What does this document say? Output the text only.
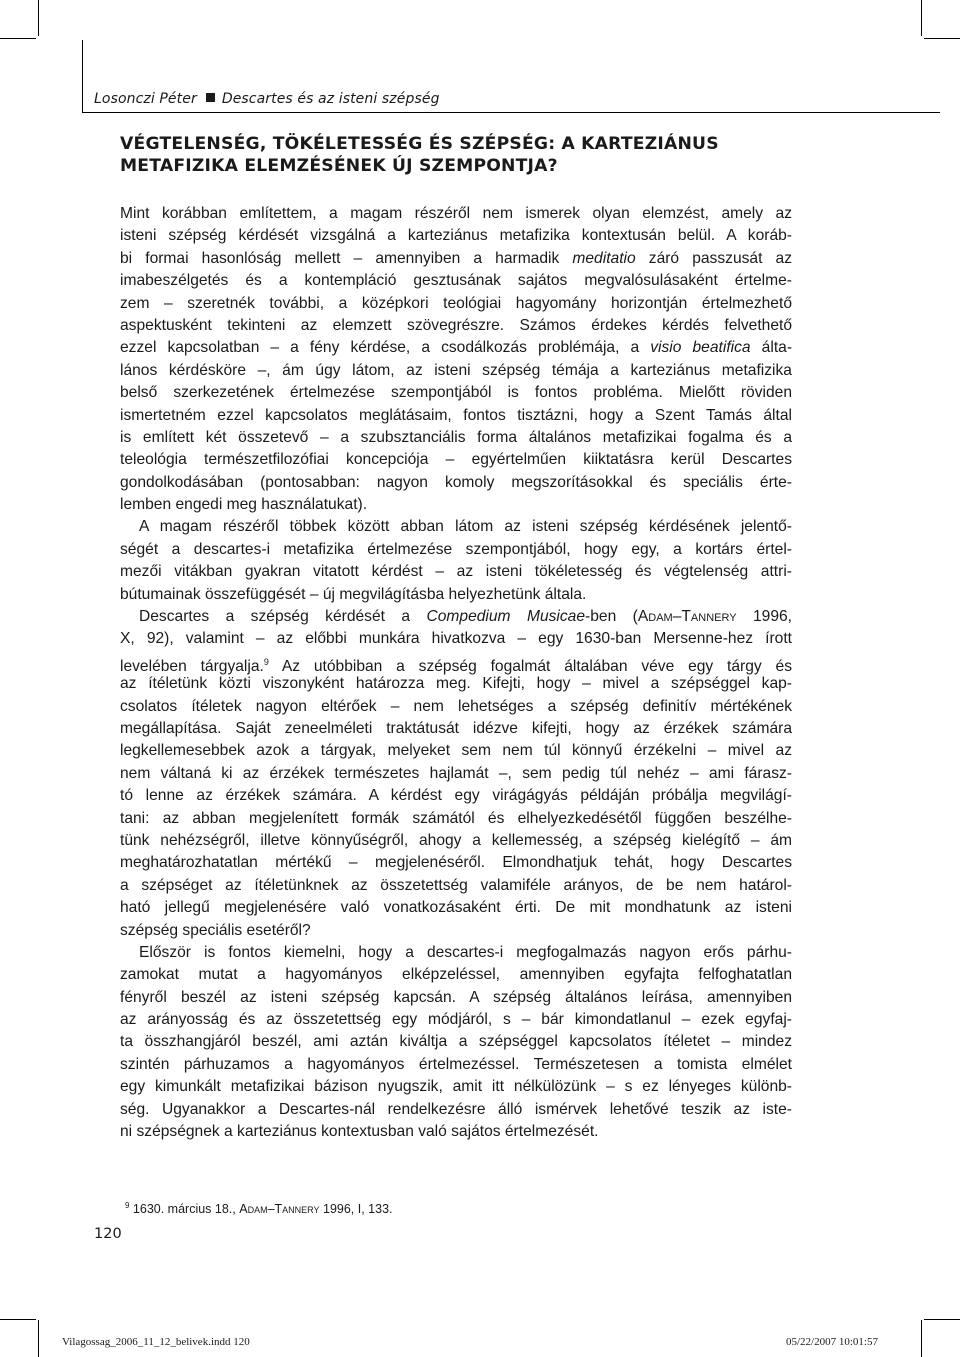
Losonczi Péter Descartes és az isteni szépség
VÉGTELENSÉG, TÖKÉLETESSÉG ÉS SZÉPSÉG: A KARTEZIÁNUS
METAFIZIKA ELEMZÉSÉNEK ÚJ SZEMPONTJA?
Mint korábban említettem, a magam részéről nem ismerek olyan elemzést, amely az
isteni szépség kérdését vizsgálná a karteziánus metafizika kontextusán belül. A koráb-
bi formai hasonlóság mellett – amennyiben a harmadik meditatio záró passzusát az
imabeszélgetés és a kontempláció gesztusának sajátos megvalósulásaként értelme-
zem – szeretnék további, a középkori teológiai hagyomány horizontján értelmezhető
aspektusként tekinteni az elemzett szövegrészre. Számos érdekes kérdés felvethető
ezzel kapcsolatban – a fény kérdése, a csodálkozás problémája, a visio beatifica álta-
lános kérdésköre –, ám úgy látom, az isteni szépség témája a karteziánus metafizika
belső szerkezetének értelmezése szempontjából is fontos probléma. Mielőtt röviden
ismertetném ezzel kapcsolatos meglátásaim, fontos tisztázni, hogy a Szent Tamás által
is említett két összetevő – a szubsztanciális forma általános metafizikai fogalma és a
teleológia természetfilozófiai koncepciója – egyértelműen kiiktatásra kerül Descartes
gondolkodásában (pontosabban: nagyon komoly megszorításokkal és speciális érte-
lemben engedi meg használatukat).
A magam részéről többek között abban látom az isteni szépség kérdésének jelentő-
ségét a descartes-i metafizika értelmezése szempontjából, hogy egy, a kortárs értel-
mezői vitákban gyakran vitatott kérdést – az isteni tökéletesség és végtelenség attri-
bútumainak összefüggését – új megvilágításba helyezhetünk általa.
Descartes a szépség kérdését a Compedium Musicae-ben (Adam–Tannery 1996,
X, 92), valamint – az előbbi munkára hivatkozva – egy 1630-ban Mersenne-hez írott
levelében tárgyalja.$^9$ Az utóbbiban a szépség fogalmát általában véve egy tárgy és
az ítéletünk közti viszonyként határozza meg. Kifejti, hogy – mivel a szépséggel kap-
csolatos ítéletek nagyon eltérőek – nem lehetséges a szépség definitív mértékének
megállapítása. Saját zeneelméleti traktátusát idézve kifejti, hogy az érzékek számára
legkellemesebbek azok a tárgyak, melyeket sem nem túl könnyű érzékelni – mivel az
nem váltaná ki az érzékek természetes hajlamát –, sem pedig túl nehéz – ami fárasz-
tó lenne az érzékek számára. A kérdést egy virágágyás példáján próbálja megvilágí-
tani: az abban megjelenített formák számától és elhelyezkedésétől függően beszélhe-
tünk nehézségről, illetve könnyűségről, ahogy a kellemesség, a szépség kielégítő – ám
meghatározhatatlan mértékű – megjelenéséről. Elmondhatjuk tehát, hogy Descartes
a szépséget az ítéletünknek az összetettség valamiféle arányos, de be nem határol-
ható jellegű megjelenésére való vonatkozásaként érti. De mit mondhatunk az isteni
szépség speciális esetéről?
Először is fontos kiemelni, hogy a descartes-i megfogalmazás nagyon erős párhu-
zamokat mutat a hagyományos elképzeléssel, amennyiben egyfajta felfoghatatlan
fényről beszél az isteni szépség kapcsán. A szépség általános leírása, amennyiben
az arányosság és az összetettség egy módjáról, s – bár kimondatlanul – ezek egyfaj-
ta összhangjáról beszél, ami aztán kiváltja a szépséggel kapcsolatos ítéletet – mindez
szintén párhuzamos a hagyományos értelmezéssel. Természetesen a tomista elmélet
egy kimunkált metafizikai bázison nyugszik, amit itt nélkülözünk – s ez lényeges különb-
ség. Ugyanakkor a Descartes-nál rendelkezésre álló ismérvek lehetővé teszik az iste-
ni szépségnek a karteziánus kontextusban való sajátos értelmezését.
$^9$ 1630. március 18., Adam–Tannery 1996, I, 133.
120
Vilagossag_2006_11_12_belivek.indd 120	05/22/2007 10:01:57
